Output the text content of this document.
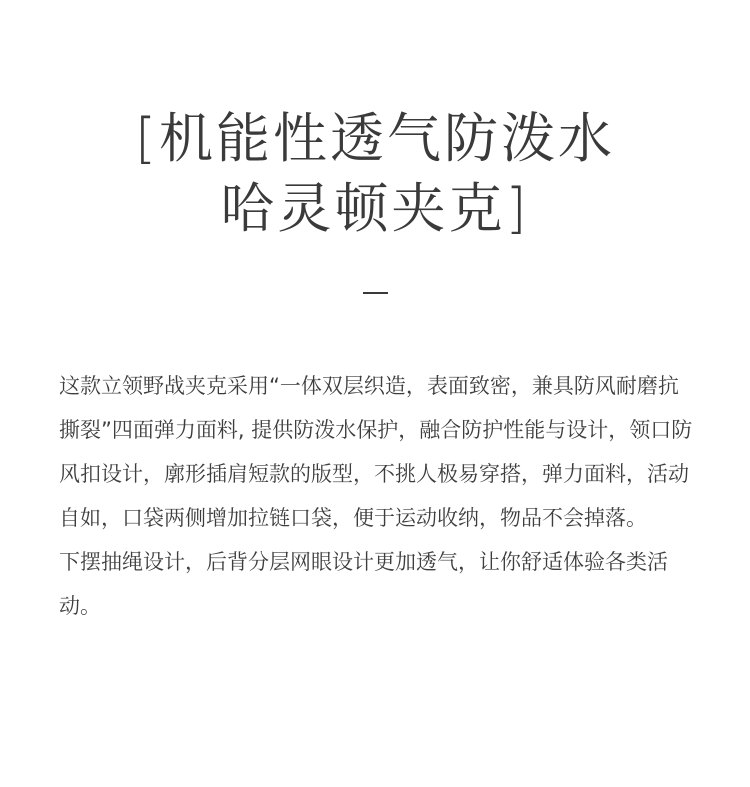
[机能性透气防泼水
哈灵顿夹克]

这款立领野战夹克采用“一体双层织造，表面致密，兼具防风耐磨抗撕裂”四面弹力面料, 提供防泼水保护，融合防护性能与设计，领口防风扣设计，廓形插肩短款的版型，不挑人极易穿搭，弹力面料，活动自如，口袋两侧增加拉链口袋，便于运动收纳，物品不会掉落。

下摆抽绳设计，后背分层网眼设计更加透气，让你舒适体验各类活动。
